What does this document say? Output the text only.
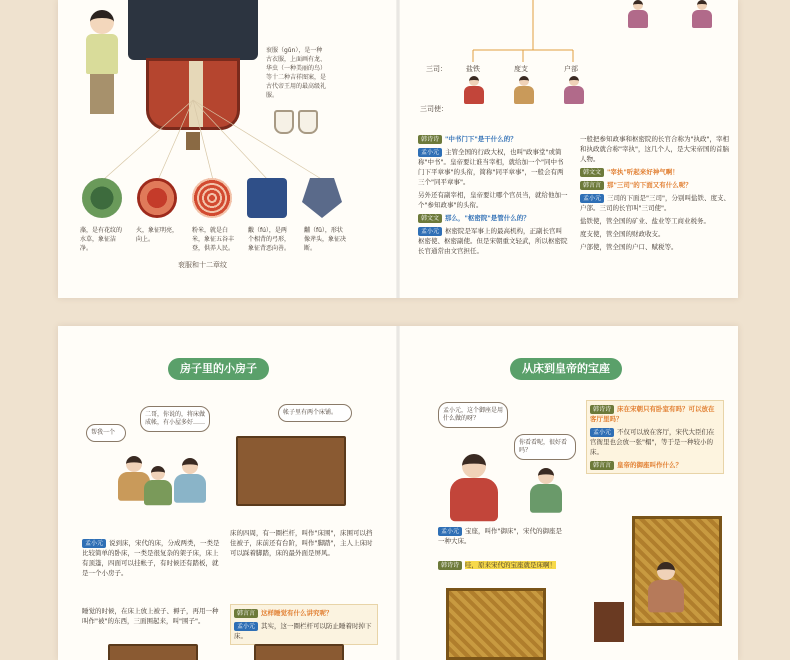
衮服（gǔn），是一种古衣服，上面画有龙、华虫（一种美丽的鸟）等十二种吉祥图案，是古代帝王用的最高级礼服。
藻，是有花纹的水草，象征洁净。
火，象征明亮，向上。
粉米，就是白米，象征五谷丰登，供养人民。
黻（fú），是两个相背的弓形，象征背恶向善。
黼（fǔ），形状像斧头，象征决断。
衮服和十二章纹
三司：	盐铁	度支	户部
三司使：
韩诗诗 "中书门下"是干什么的？
孟小元 主管全国的行政大权，也叫"政事堂"或简称"中书"。皇帝要让谁当宰相，就给加一个"同中书门下平章事"的头衔，简称"同平章事"，一般会有两三个"同平章事"。
另外还有副宰相，皇帝要让哪个官员当，就给他加一个"参知政事"的头衔。
韩文文 那么，"枢密院"是管什么的？
孟小元 枢密院是军事上的最高机构，正副长官叫枢密使、枢密副使。但是宋朝重文轻武，所以枢密院长官通常由文官担任。
一般把参知政事和枢密院的长官合称为"执政"，宰相和执政就合称"宰执"，这几个人，是大宋帝国的首脑人物。
韩文文 "宰执"听起来好神气啊！
韩言言 那"三司"的下面又有什么呢？
孟小元 三司的下面是"三司"，分别叫盐铁、度支、户部。三司的长官叫"三司使"。
盐铁使，管全国的矿业、盐业等工商业税务。
度支使，管全国的财政收支。
户部使，管全国的户口、赋税等。
房子里的小房子
二哥，你说的，将床做成帐，有小屋多好……
帮我一个
帐子里有两个床铺。
孟小元 说到床，宋代的床，分成两类，一类是比较简单的卧床，一类是很复杂的架子床，床上有顶篷，四面可以挂帐子，有时候还有踏板，就是一个小房子。
睡觉的时候，在床上放上被子、褥子，再用一种叫作"被"的东西，三面围起来，叫"围子"。
床的四周，有一圈栏杆，叫作"床围"，床围可以挡住被子，床前还有台阶，叫作"脚踏"，主人上床时可以踩着脚踏，床的最外面是屏风。
韩言言 这样睡觉有什么讲究呢？
孟小元 其实，这一圈栏杆可以防止睡着时掉下床。
从床到皇帝的宝座
孟小元，这个御座是用什么做的呀？
你看看呢，很好看吗？
韩诗诗 床在宋朝只有卧室有吗？可以放在客厅里吗？
孟小元 不仅可以放在客厅，宋代大臣们在官衙里也会放一张"榻"，等于是一种较小的床。
韩言言 皇帝的御座叫作什么？
孟小元 宝座，叫作"御床"，宋代的御座是一种大床。
韩诗诗 哇，原来宋代的宝座就是床啊！
